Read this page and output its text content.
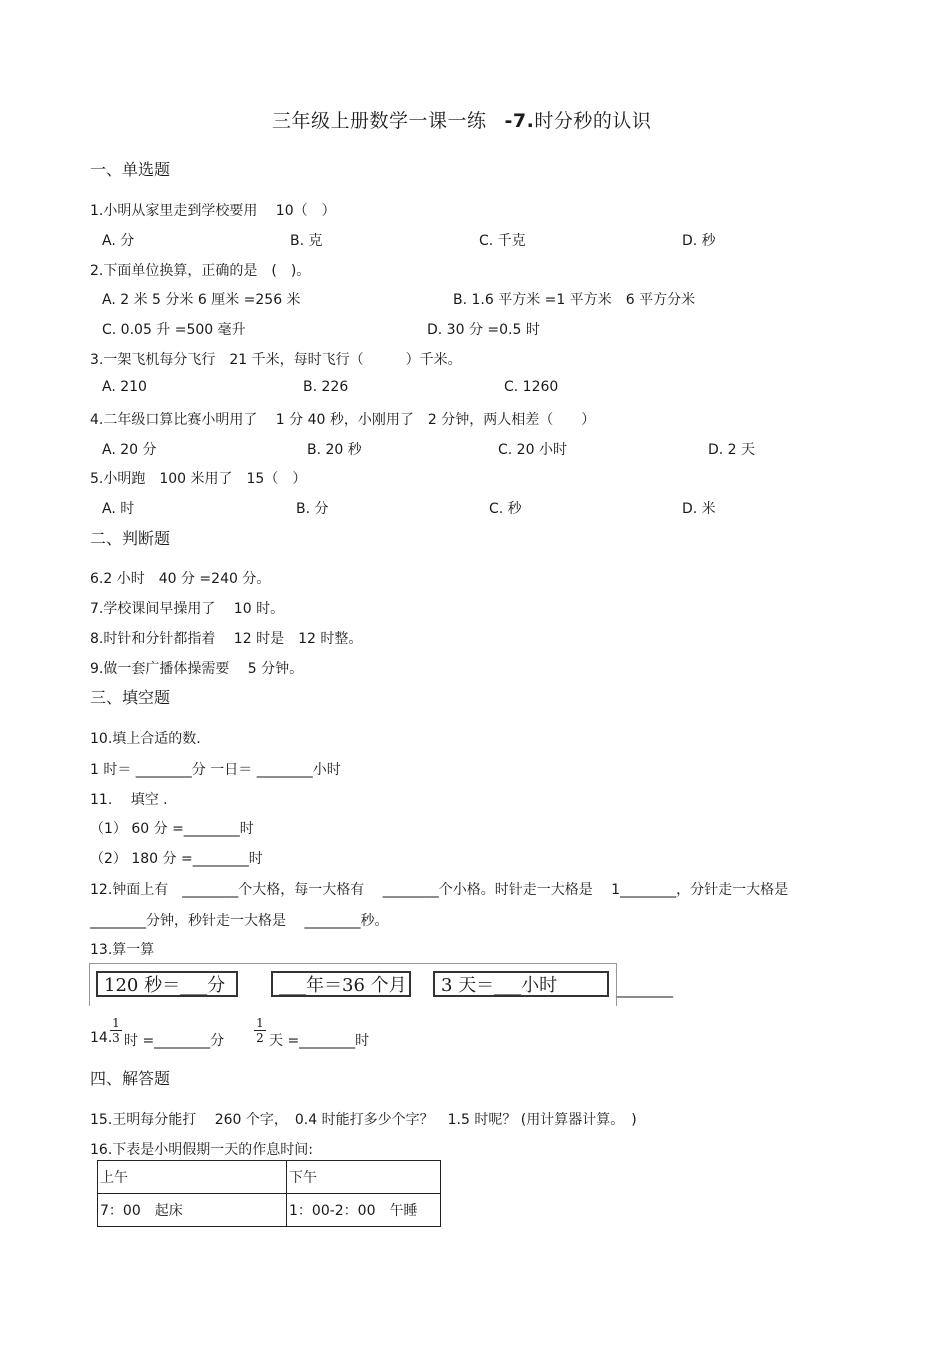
三年级上册数学一课一练 -7.时分秒的认识
一、单选题
1.小明从家里走到学校要用　 10（　）
A. 分	B. 克	C. 千克	D. 秒
2.下面单位换算，正确的是　(　)。
A. 2 米 5 分米 6 厘米 =256 米	B. 1.6 平方米 =1 平方米　6 平方分米
C. 0.05 升 =500 毫升	D. 30 分 =0.5 时
3.一架飞机每分飞行　21 千米，每时飞行（　　　）千米。
A. 210	B. 226	C. 1260
4.二年级口算比赛小明用了　 1 分 40 秒，小刚用了　2 分钟，两人相差（　　）
A. 20 分	B. 20 秒	C. 20 小时	D. 2 天
5.小明跑　100 米用了　15（　）
A. 时	B. 分	C. 秒	D. 米
二、判断题
6.2 小时　40 分 =240 分。
7.学校课间早操用了　 10 时。
8.时针和分针都指着　 12 时是　12 时整。
9.做一套广播体操需要　 5 分钟。
三、填空题
10.填上合适的数.
1 时＝ ________分 一日＝ ________小时
11.　 填空 .
（1） 60 分 =________时
（2） 180 分 =________时
12.钟面上有　________个大格，每一大格有　 ________个小格。时针走一大格是　 1________，分针走一大格是
________分钟，秒针走一大格是　 ________秒。
13.算一算
120 秒＝___分	___年＝36 个月	3 天＝___小时	________
14.
1
3 时 =________分
1
2 天 =________时
四、解答题
15.王明每分能打　 260 个字，　0.4 时能打多少个字？　1.5 时呢？ (用计算器计算。　)
16.下表是小明假期一天的作息时间:
上午	下午
7：00　起床	1：00-2：00　午睡
